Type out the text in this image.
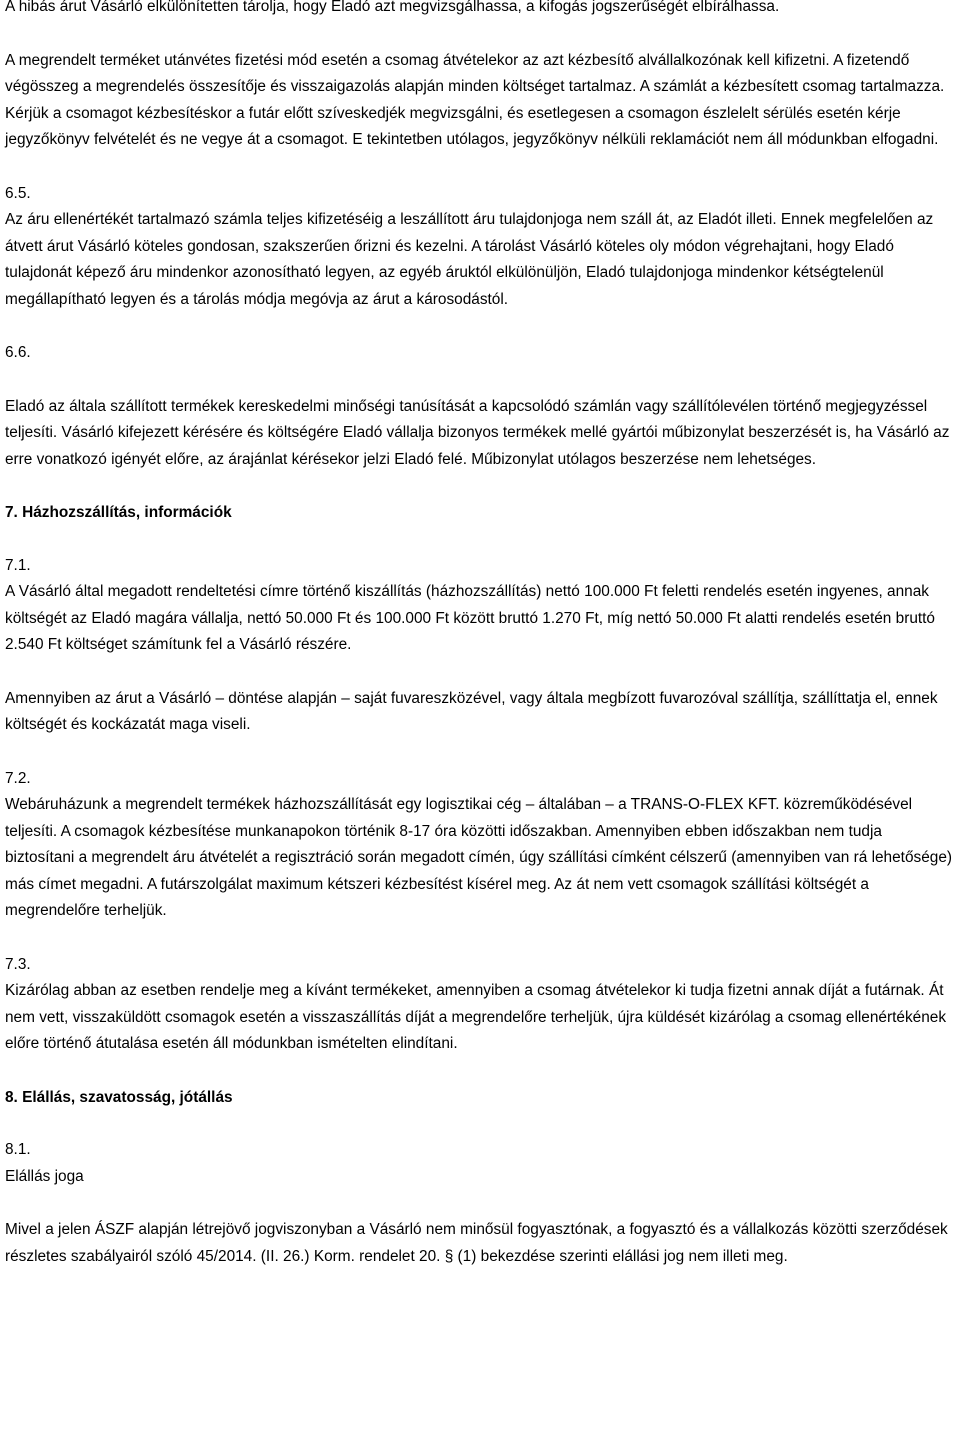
A hibás árut Vásárló elkülönítetten tárolja, hogy Eladó azt megvizsgálhassa, a kifogás jogszerűségét elbírálhassa.

A megrendelt terméket utánvétes fizetési mód esetén a csomag átvételekor az azt kézbesítő alvállalkozónak kell kifizetni. A fizetendő végösszeg a megrendelés összesítője és visszaigazolás alapján minden költséget tartalmaz. A számlát a kézbesített csomag tartalmazza. Kérjük a csomagot kézbesítéskor a futár előtt szíveskedjék megvizsgálni, és esetlegesen a csomagon észlelelt sérülés esetén kérje jegyzőkönyv felvételét és ne vegye át a csomagot. E tekintetben utólagos, jegyzőkönyv nélküli reklamációt nem áll módunkban elfogadni.

6.5.

Az áru ellenértékét tartalmazó számla teljes kifizetéséig a leszállított áru tulajdonjoga nem száll át, az Eladót illeti. Ennek megfelelően az átvett árut Vásárló köteles gondosan, szakszerűen őrizni és kezelni. A tárolást Vásárló köteles oly módon végrehajtani, hogy Eladó tulajdonát képező áru mindenkor azonosítható legyen, az egyéb áruktól elkülönüljön, Eladó tulajdonjoga mindenkor kétségtelenül megállapítható legyen és a tárolás módja megóvja az árut a károsodástól.

6.6.

Eladó az általa szállított termékek kereskedelmi minőségi tanúsítását a kapcsolódó számlán vagy szállítólevélen történő megjegyzéssel teljesíti. Vásárló kifejezett kérésére és költségére Eladó vállalja bizonyos termékek mellé gyártói műbizonylat beszerzését is, ha Vásárló az erre vonatkozó igényét előre, az árajánlat kérésekor jelzi Eladó felé. Műbizonylat utólagos beszerzése nem lehetséges.

7. Házhozszállítás, információk

7.1.

A Vásárló által megadott rendeltetési címre történő kiszállítás (házhozszállítás) nettó 100.000 Ft feletti rendelés esetén ingyenes, annak költségét az Eladó magára vállalja, nettó 50.000 Ft és 100.000 Ft között bruttó 1.270 Ft, míg nettó 50.000 Ft alatti rendelés esetén bruttó 2.540 Ft költséget számítunk fel a Vásárló részére.

Amennyiben az árut a Vásárló – döntése alapján – saját fuvareszközével, vagy általa megbízott fuvarozóval szállítja, szállíttatja el, ennek költségét és kockázatát maga viseli.

7.2.

Webáruházunk a megrendelt termékek házhozszállítását egy logisztikai cég – általában – a TRANS-O-FLEX KFT. közreműködésével teljesíti. A csomagok kézbesítése munkanapokon történik 8-17 óra közötti időszakban. Amennyiben ebben időszakban nem tudja biztosítani a megrendelt áru átvételét a regisztráció során megadott címén, úgy szállítási címként célszerű (amennyiben van rá lehetősége) más címet megadni. A futárszolgálat maximum kétszeri kézbesítést kísérel meg. Az át nem vett csomagok szállítási költségét a megrendelőre terheljük.

7.3.

Kizárólag abban az esetben rendelje meg a kívánt termékeket, amennyiben a csomag átvételekor ki tudja fizetni annak díját a futárnak. Át nem vett, visszaküldött csomagok esetén a visszaszállítás díját a megrendelőre terheljük, újra küldését kizárólag a csomag ellenértékének előre történő átutalása esetén áll módunkban ismételten elindítani.

8. Elállás, szavatosság, jótállás

8.1.

Elállás joga

Mivel a jelen ÁSZF alapján létrejövő jogviszonyban a Vásárló nem minősül fogyasztónak, a fogyasztó és a vállalkozás közötti szerződések részletes szabályairól szóló 45/2014. (II. 26.) Korm. rendelet 20. § (1) bekezdése szerinti elállási jog nem illeti meg.
